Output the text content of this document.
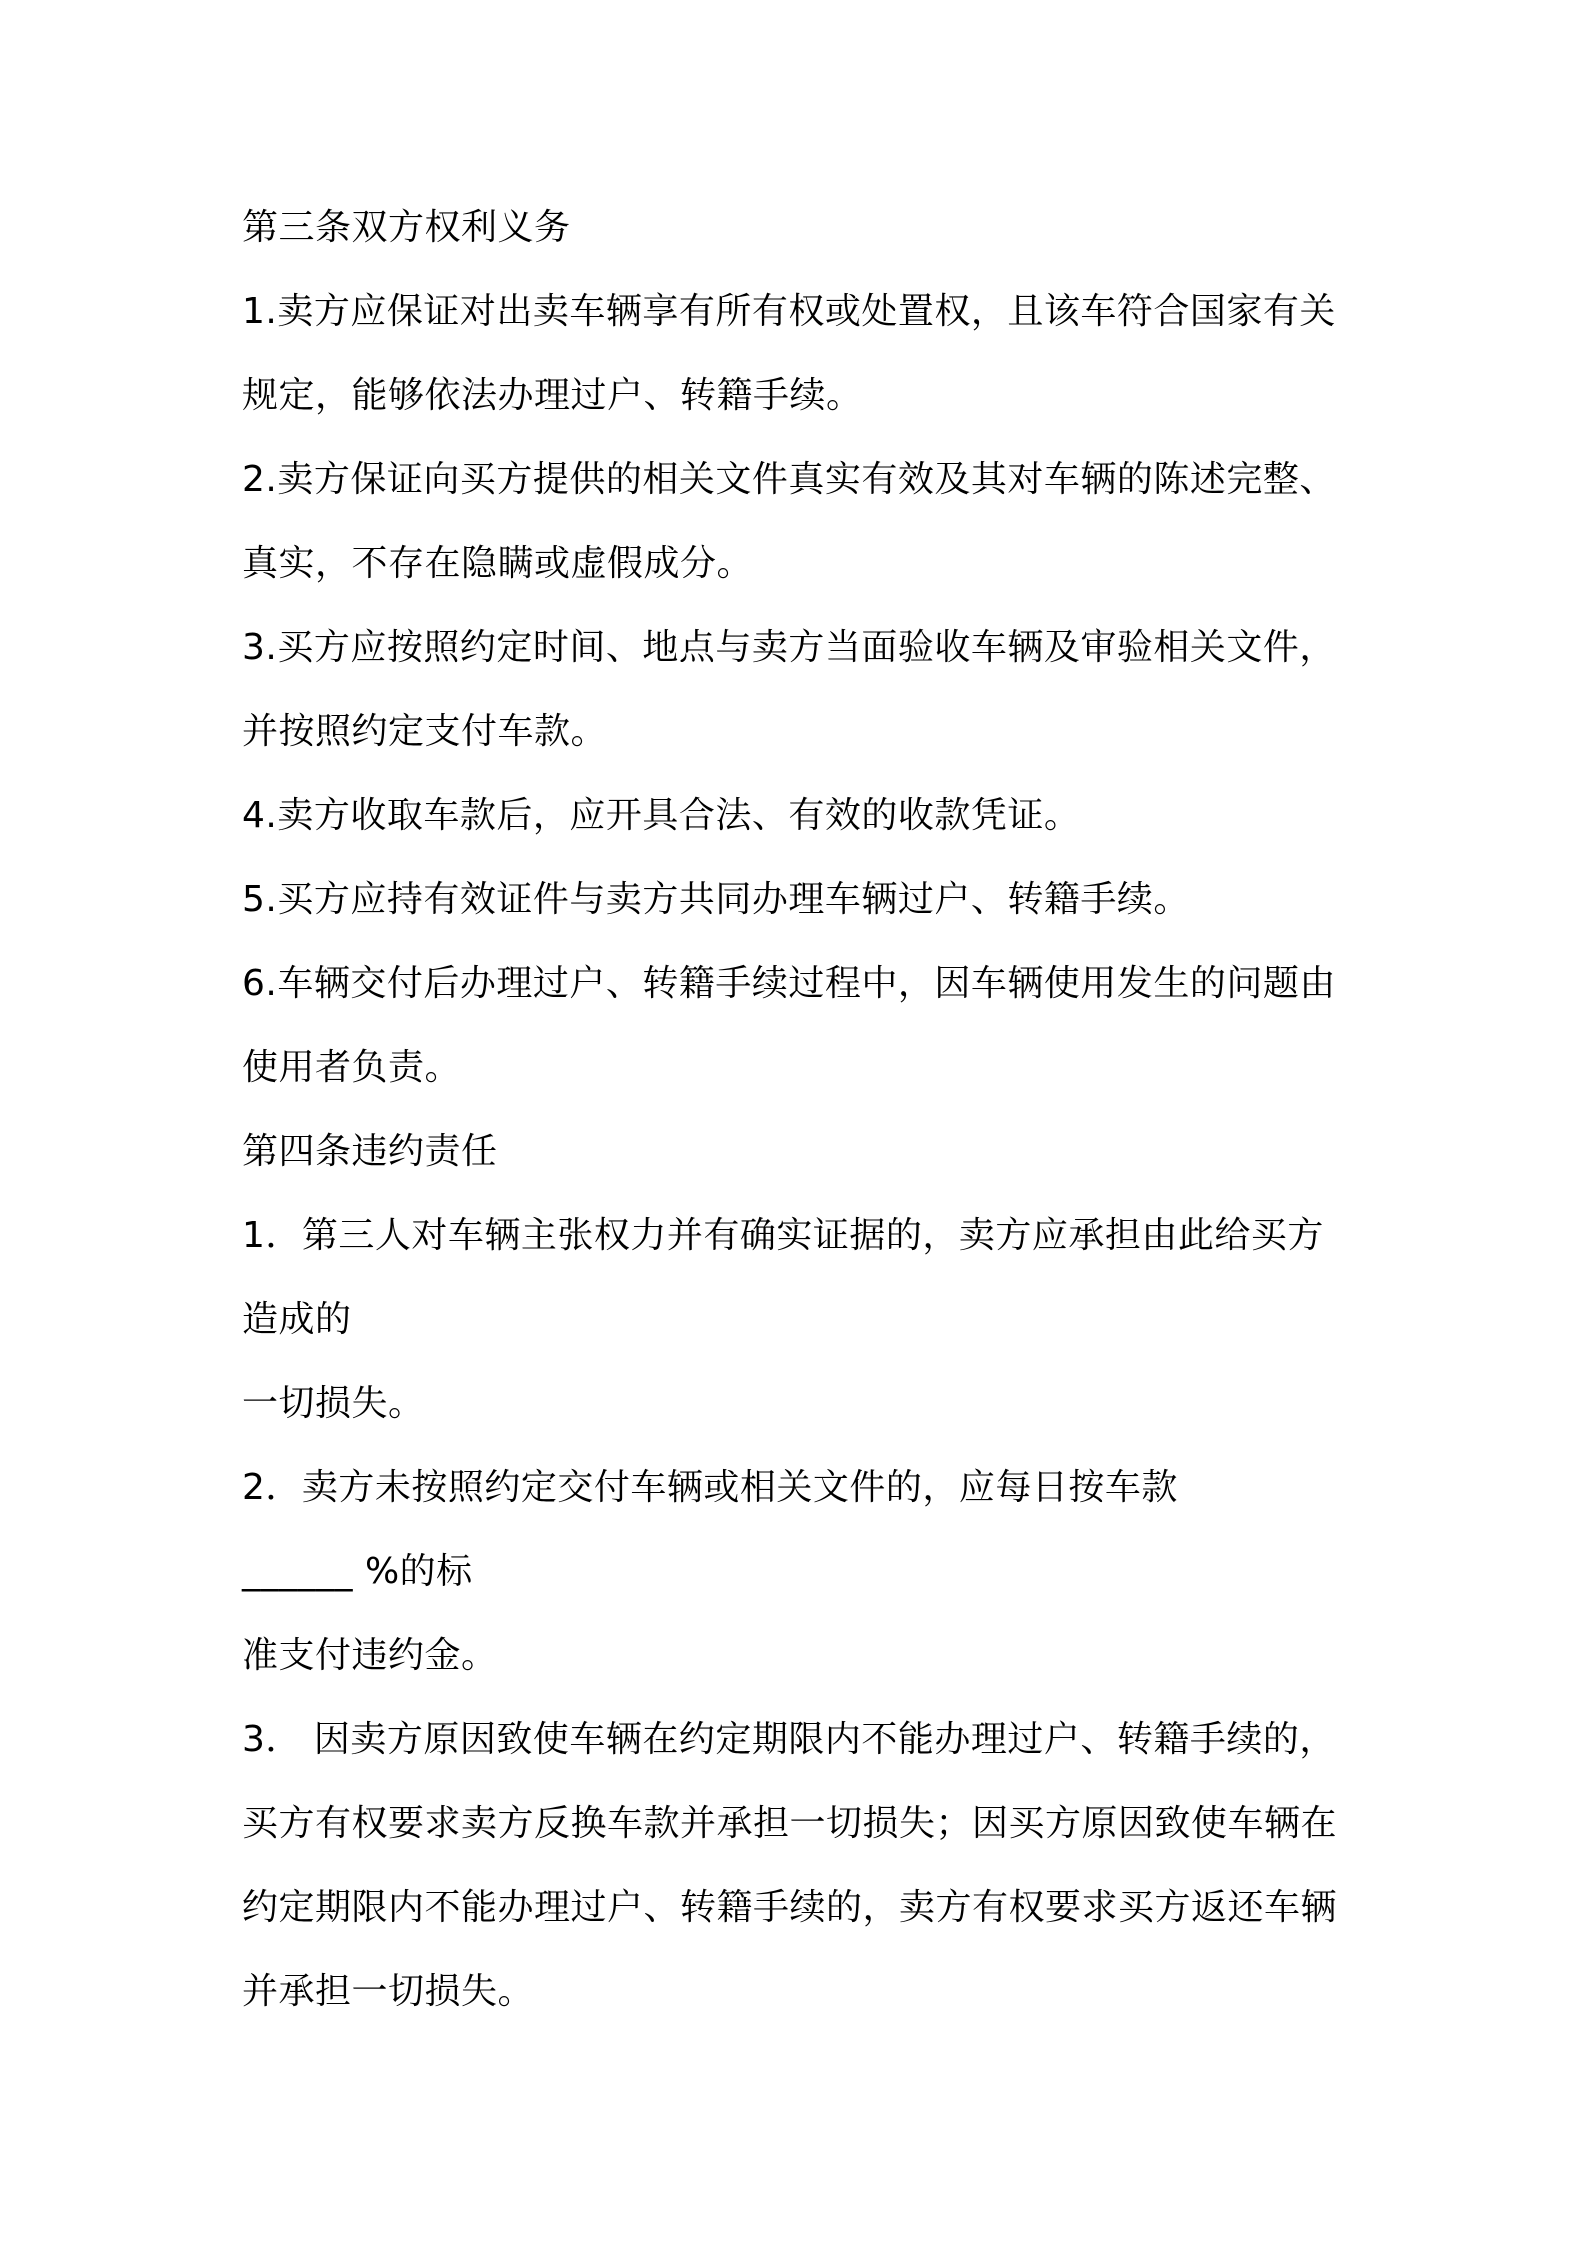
第三条双方权利义务
1.卖方应保证对出卖车辆享有所有权或处置权，且该车符合国家有关
规定，能够依法办理过户、转籍手续。
2.卖方保证向买方提供的相关文件真实有效及其对车辆的陈述完整、
真实，不存在隐瞒或虚假成分。
3.买方应按照约定时间、地点与卖方当面验收车辆及审验相关文件，
并按照约定支付车款。
4.卖方收取车款后，应开具合法、有效的收款凭证。
5.买方应持有效证件与卖方共同办理车辆过户、转籍手续。
6.车辆交付后办理过户、转籍手续过程中，因车辆使用发生的问题由
使用者负责。
第四条违约责任
1．第三人对车辆主张权力并有确实证据的，卖方应承担由此给买方
造成的
一切损失。
2．卖方未按照约定交付车辆或相关文件的，应每日按车款
______ %的标
准支付违约金。
3． 因卖方原因致使车辆在约定期限内不能办理过户、转籍手续的，
买方有权要求卖方反换车款并承担一切损失；因买方原因致使车辆在
约定期限内不能办理过户、转籍手续的，卖方有权要求买方返还车辆
并承担一切损失。
